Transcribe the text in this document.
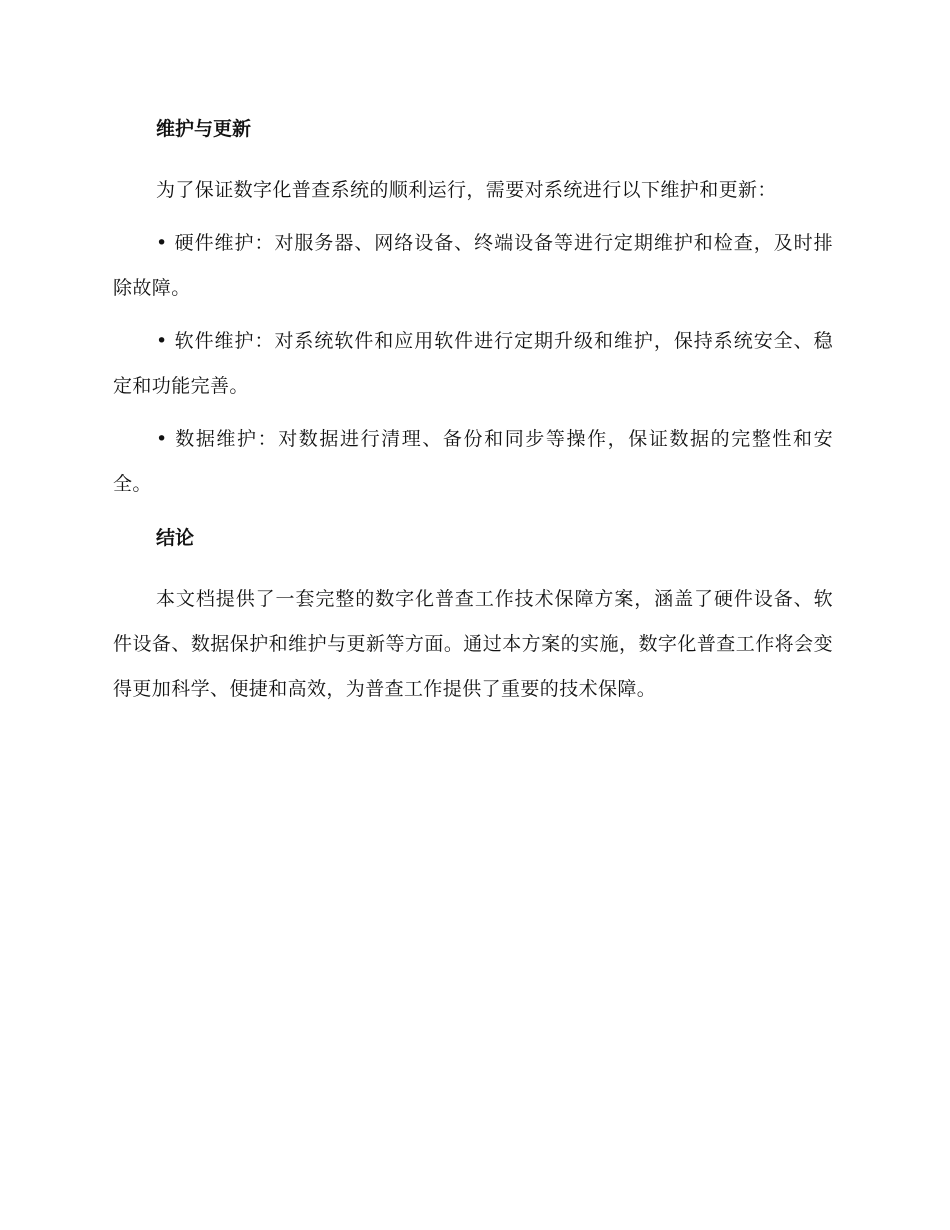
维护与更新

为了保证数字化普查系统的顺利运行，需要对系统进行以下维护和更新：

• 硬件维护：对服务器、网络设备、终端设备等进行定期维护和检查，及时排除故障。

• 软件维护：对系统软件和应用软件进行定期升级和维护，保持系统安全、稳定和功能完善。

• 数据维护：对数据进行清理、备份和同步等操作，保证数据的完整性和安全。

结论

本文档提供了一套完整的数字化普查工作技术保障方案，涵盖了硬件设备、软件设备、数据保护和维护与更新等方面。通过本方案的实施，数字化普查工作将会变得更加科学、便捷和高效，为普查工作提供了重要的技术保障。
